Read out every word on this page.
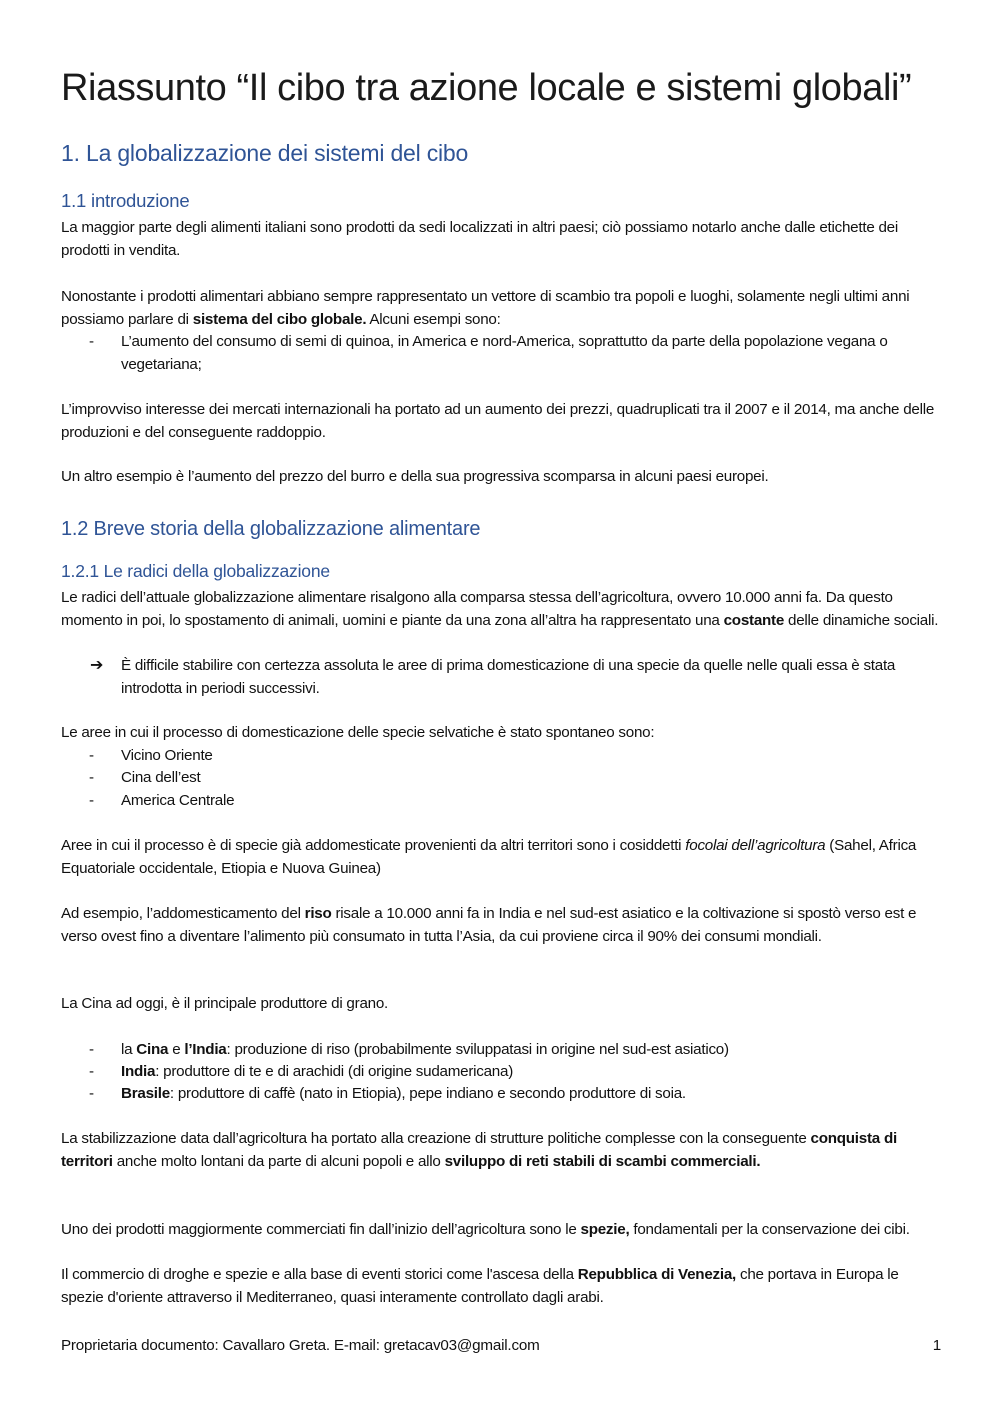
Riassunto “Il cibo tra azione locale e sistemi globali”
1. La globalizzazione dei sistemi del cibo
1.1 introduzione
La maggior parte degli alimenti italiani sono prodotti da sedi localizzati in altri paesi; ciò possiamo notarlo anche dalle etichette dei prodotti in vendita.
Nonostante i prodotti alimentari abbiano sempre rappresentato un vettore di scambio tra popoli e luoghi, solamente negli ultimi anni possiamo parlare di sistema del cibo globale. Alcuni esempi sono:
- L’aumento del consumo di semi di quinoa, in America e nord-America, soprattutto da parte della popolazione vegana o vegetariana;
L’improvviso interesse dei mercati internazionali ha portato ad un aumento dei prezzi, quadruplicati tra il 2007 e il 2014, ma anche delle produzioni e del conseguente raddoppio.
Un altro esempio è l’aumento del prezzo del burro e della sua progressiva scomparsa in alcuni paesi europei.
1.2 Breve storia della globalizzazione alimentare
1.2.1 Le radici della globalizzazione
Le radici dell’attuale globalizzazione alimentare risalgono alla comparsa stessa dell’agricoltura, ovvero 10.000 anni fa. Da questo momento in poi, lo spostamento di animali, uomini e piante da una zona all’altra ha rappresentato una costante delle dinamiche sociali.
➔ È difficile stabilire con certezza assoluta le aree di prima domesticazione di una specie da quelle nelle quali essa è stata introdotta in periodi successivi.
Le aree in cui il processo di domesticazione delle specie selvatiche è stato spontaneo sono:
- Vicino Oriente
- Cina dell’est
- America Centrale
Aree in cui il processo è di specie già addomesticate provenienti da altri territori sono i cosiddetti focolai dell’agricoltura (Sahel, Africa Equatoriale occidentale, Etiopia e Nuova Guinea)
Ad esempio, l’addomesticamento del riso risale a 10.000 anni fa in India e nel sud-est asiatico e la coltivazione si spostò verso est e verso ovest fino a diventare l’alimento più consumato in tutta l’Asia, da cui proviene circa il 90% dei consumi mondiali.
La Cina ad oggi, è il principale produttore di grano.
- la Cina e l’India: produzione di riso (probabilmente sviluppatasi in origine nel sud-est asiatico)
- India: produttore di te e di arachidi (di origine sudamericana)
- Brasile: produttore di caffè (nato in Etiopia), pepe indiano e secondo produttore di soia.
La stabilizzazione data dall’agricoltura ha portato alla creazione di strutture politiche complesse con la conseguente conquista di territori anche molto lontani da parte di alcuni popoli e allo sviluppo di reti stabili di scambi commerciali.
Uno dei prodotti maggiormente commerciati fin dall’inizio dell’agricoltura sono le spezie, fondamentali per la conservazione dei cibi.
Il commercio di droghe e spezie e alla base di eventi storici come l'ascesa della Repubblica di Venezia, che portava in Europa le spezie d'oriente attraverso il Mediterraneo, quasi interamente controllato dagli arabi.
Proprietaria documento: Cavallaro Greta. E-mail: gretacav03@gmail.com	1
